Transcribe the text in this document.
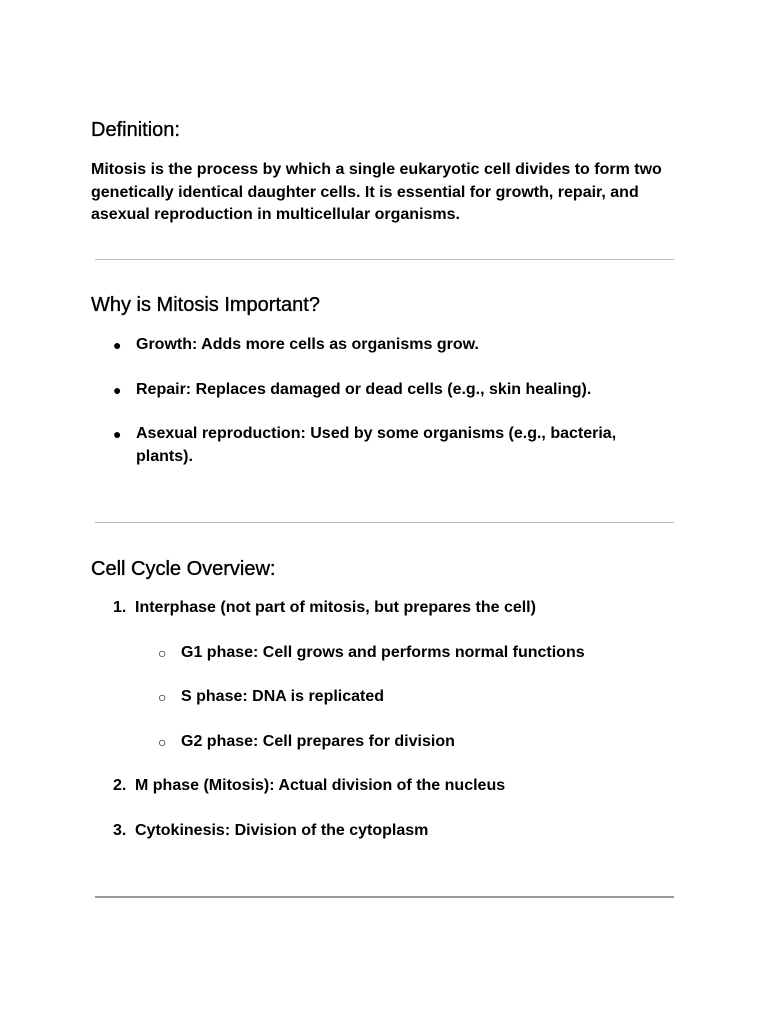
Definition:

Mitosis is the process by which a single eukaryotic cell divides to form two genetically identical daughter cells. It is essential for growth, repair, and asexual reproduction in multicellular organisms.

Why is Mitosis Important?
● Growth: Adds more cells as organisms grow.
● Repair: Replaces damaged or dead cells (e.g., skin healing).
● Asexual reproduction: Used by some organisms (e.g., bacteria, plants).
Cell Cycle Overview:
1. Interphase (not part of mitosis, but prepares the cell)
○ G1 phase: Cell grows and performs normal functions
○ S phase: DNA is replicated
○ G2 phase: Cell prepares for division
2. M phase (Mitosis): Actual division of the nucleus
3. Cytokinesis: Division of the cytoplasm
